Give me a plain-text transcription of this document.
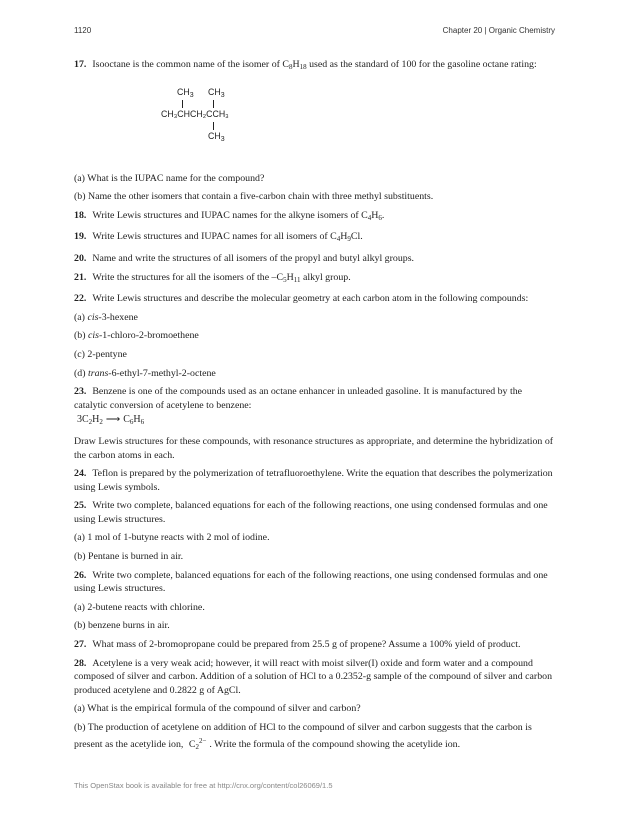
1120	Chapter 20 | Organic Chemistry

17. Isooctane is the common name of the isomer of $C_8H_{18}$ used as the standard of 100 for the gasoline octane rating:

$CH_3$ $CH_3$
CH₃CHCH₂CCH₃
$CH_3$

(a) What is the IUPAC name for the compound?

(b) Name the other isomers that contain a five-carbon chain with three methyl substituents.

18. Write Lewis structures and IUPAC names for the alkyne isomers of $C_4H_6$.

19. Write Lewis structures and IUPAC names for all isomers of $C_4H_9Cl$.

20. Name and write the structures of all isomers of the propyl and butyl alkyl groups.

21. Write the structures for all the isomers of the $-C_5H_{11}$ alkyl group.

22. Write Lewis structures and describe the molecular geometry at each carbon atom in the following compounds:

(a) cis-3-hexene

(b) cis-1-chloro-2-bromoethene

(c) 2-pentyne

(d) trans-6-ethyl-7-methyl-2-octene

23. Benzene is one of the compounds used as an octane enhancer in unleaded gasoline. It is manufactured by the catalytic conversion of acetylene to benzene:

$3C_2H_2$ ⟶ $C_6H_6$

Draw Lewis structures for these compounds, with resonance structures as appropriate, and determine the hybridization of the carbon atoms in each.

24. Teflon is prepared by the polymerization of tetrafluoroethylene. Write the equation that describes the polymerization using Lewis symbols.

25. Write two complete, balanced equations for each of the following reactions, one using condensed formulas and one using Lewis structures.

(a) 1 mol of 1-butyne reacts with 2 mol of iodine.

(b) Pentane is burned in air.

26. Write two complete, balanced equations for each of the following reactions, one using condensed formulas and one using Lewis structures.

(a) 2-butene reacts with chlorine.

(b) benzene burns in air.

27. What mass of 2-bromopropane could be prepared from 25.5 g of propene? Assume a 100% yield of product.

28. Acetylene is a very weak acid; however, it will react with moist silver(I) oxide and form water and a compound composed of silver and carbon. Addition of a solution of HCl to a 0.2352-g sample of the compound of silver and carbon produced acetylene and 0.2822 g of AgCl.

(a) What is the empirical formula of the compound of silver and carbon?

(b) The production of acetylene on addition of HCl to the compound of silver and carbon suggests that the carbon is present as the acetylide ion, $C_2^{2-}$ . Write the formula of the compound showing the acetylide ion.

This OpenStax book is available for free at http://cnx.org/content/col26069/1.5
